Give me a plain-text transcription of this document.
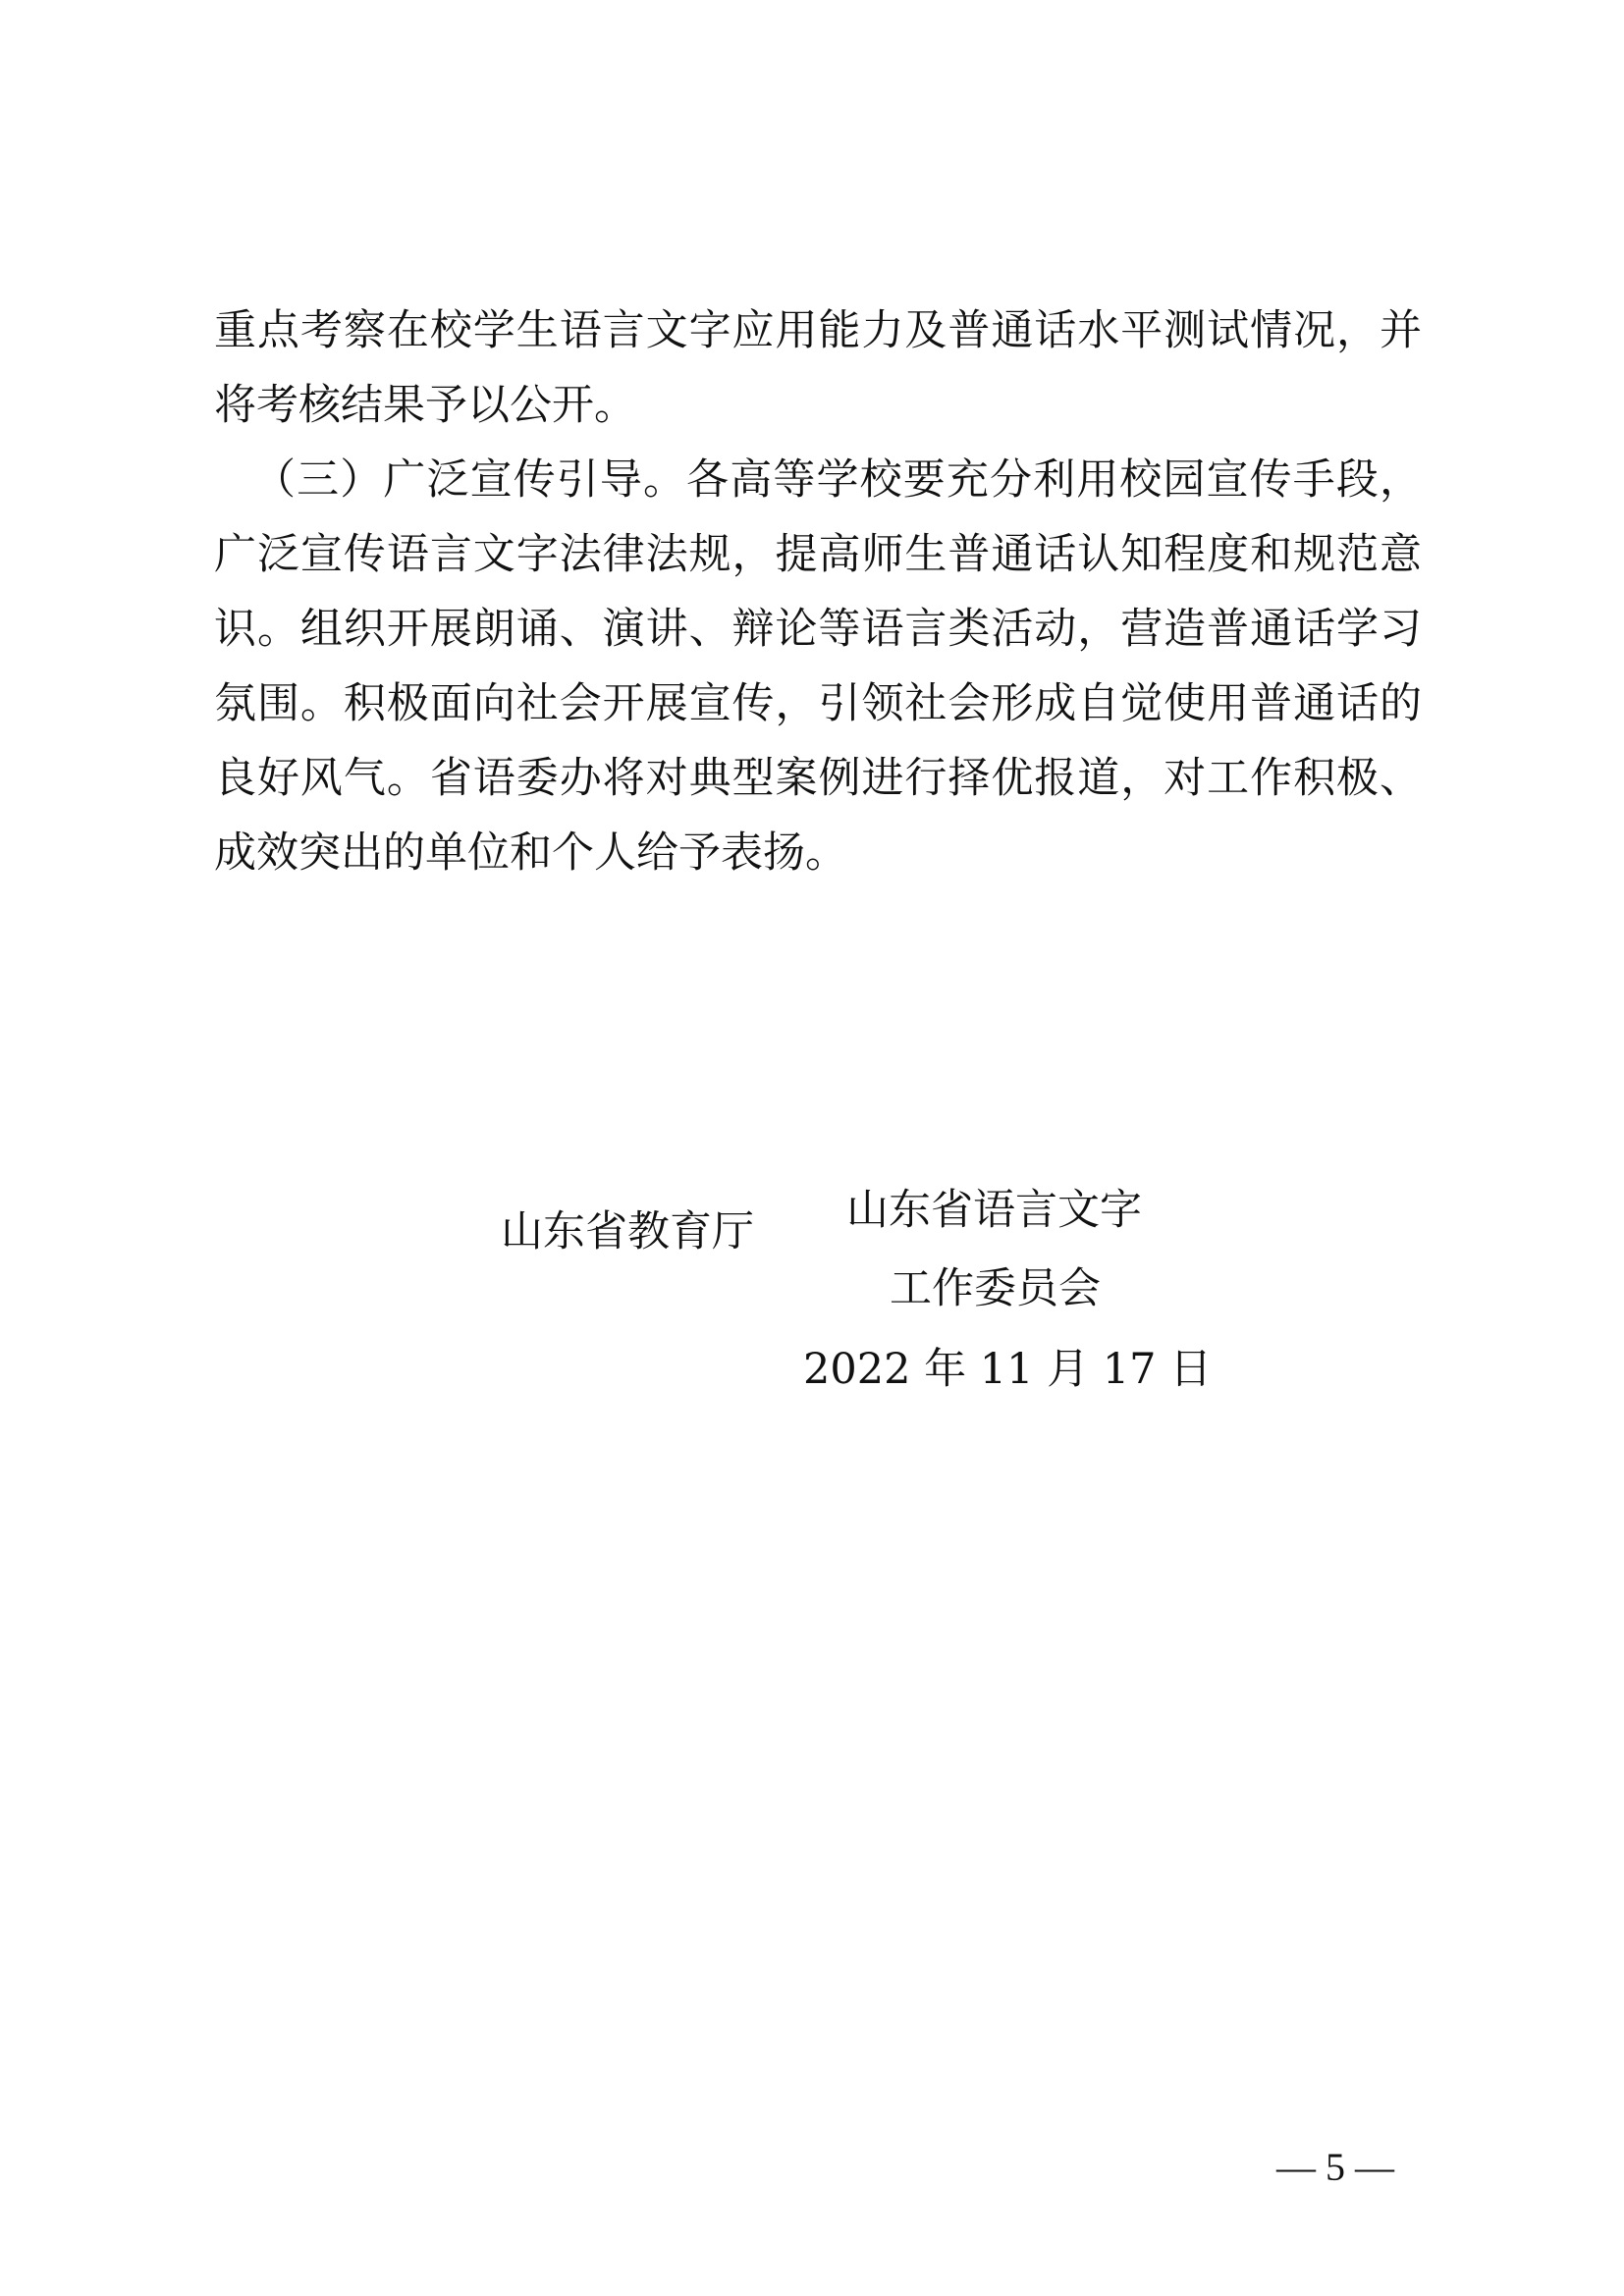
重点考察在校学生语言文字应用能力及普通话水平测试情况，并
将考核结果予以公开。
（三）广泛宣传引导。各高等学校要充分利用校园宣传手段，
广泛宣传语言文字法律法规，提高师生普通话认知程度和规范意
识。组织开展朗诵、演讲、辩论等语言类活动，营造普通话学习
氛围。积极面向社会开展宣传，引领社会形成自觉使用普通话的
良好风气。省语委办将对典型案例进行择优报道，对工作积极、
成效突出的单位和个人给予表扬。
山东省教育厅 山东省语言文字
工作委员会
2022 年 11 月 17 日
— 5 —
